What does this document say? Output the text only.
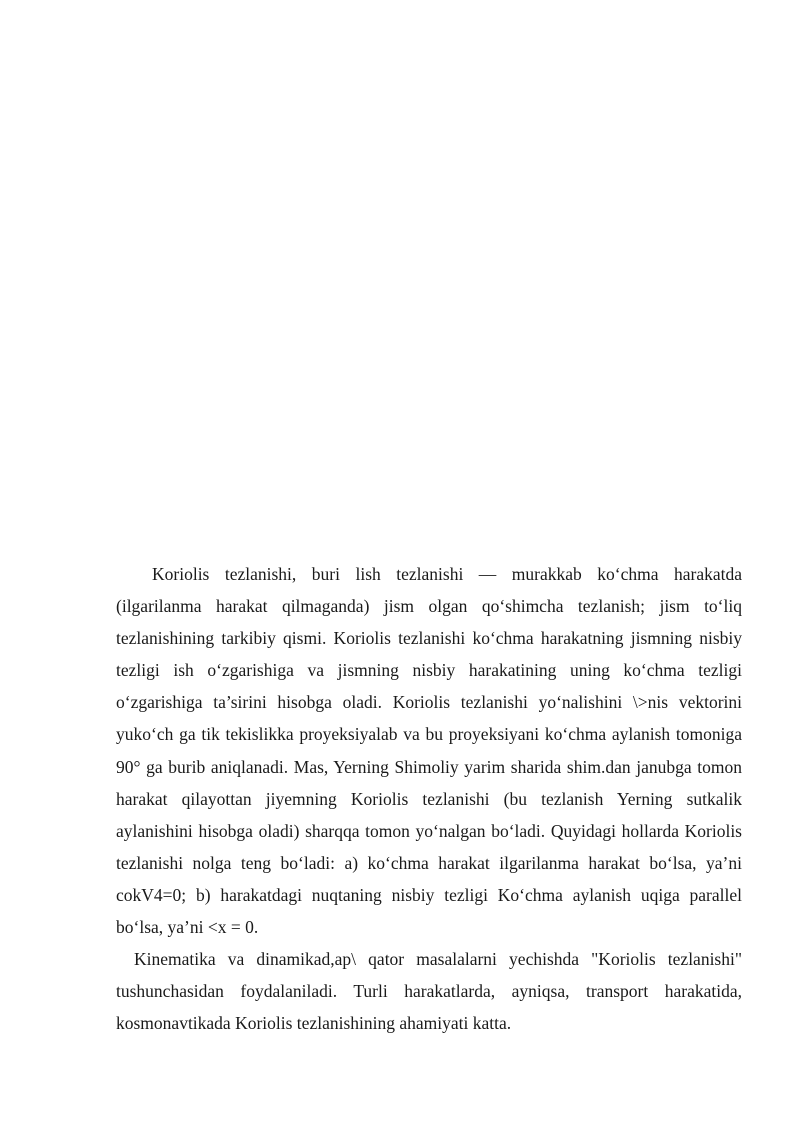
Koriolis tezlanishi, buri lish tezlanishi — murakkab ko‘chma harakatda (ilgarilanma harakat qilmaganda) jism olgan qo‘shimcha tezlanish; jism to‘liq tezlanishining tarkibiy qismi. Koriolis tezlanishi ko‘chma harakatning jismning nisbiy tezligi ish o‘zgarishiga va jismning nisbiy harakatining uning ko‘chma tezligi o‘zgarishiga ta’sirini hisobga oladi. Koriolis tezlanishi yo‘nalishini \>nis vektorini yuko‘ch ga tik tekislikka proyeksiyalab va bu proyeksiyani ko‘chma aylanish tomoniga 90° ga burib aniqlanadi. Mas, Yerning Shimoliy yarim sharida shim.dan janubga tomon harakat qilayottan jiyemning Koriolis tezlanishi (bu tezlanish Yerning sutkalik aylanishini hisobga oladi) sharqqa tomon yo‘nalgan bo‘ladi. Quyidagi hollarda Koriolis tezlanishi nolga teng bo‘ladi: a) ko‘chma harakat ilgarilanma harakat bo‘lsa, ya’ni cokV4=0; b) harakatdagi nuqtaning nisbiy tezligi Ko‘chma aylanish uqiga parallel bo‘lsa, ya’ni <x = 0.

Kinematika va dinamikad,ap\ qator masalalarni yechishda "Koriolis tezlanishi" tushunchasidan foydalaniladi. Turli harakatlarda, ayniqsa, transport harakatida, kosmonavtikada Koriolis tezlanishining ahamiyati katta.
